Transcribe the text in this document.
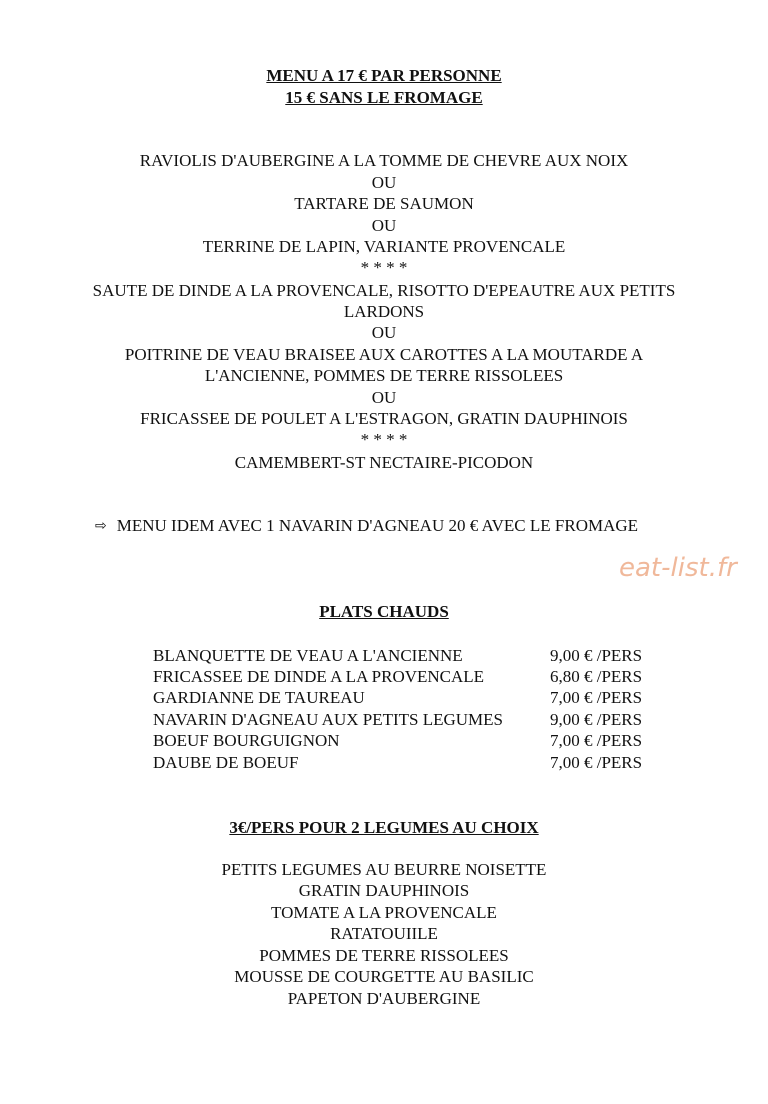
MENU A 17 € PAR PERSONNE
15 € SANS LE FROMAGE
RAVIOLIS D'AUBERGINE A LA TOMME DE CHEVRE AUX NOIX
OU
TARTARE DE SAUMON
OU
TERRINE DE LAPIN, VARIANTE PROVENCALE
* * * *
SAUTE DE DINDE A LA PROVENCALE, RISOTTO D'EPEAUTRE AUX PETITS
LARDONS
OU
POITRINE DE VEAU BRAISEE AUX CAROTTES A LA MOUTARDE A
L'ANCIENNE, POMMES DE TERRE RISSOLEES
OU
FRICASSEE DE POULET A L'ESTRAGON, GRATIN DAUPHINOIS
* * * *
CAMEMBERT-ST NECTAIRE-PICODON
⇨ MENU IDEM AVEC 1 NAVARIN D'AGNEAU 20 € AVEC LE FROMAGE
eat-list.fr
PLATS CHAUDS
BLANQUETTE DE VEAU A L'ANCIENNE	9,00 € /PERS
FRICASSEE DE DINDE A LA PROVENCALE	6,80 € /PERS
GARDIANNE DE TAUREAU	7,00 € /PERS
NAVARIN D'AGNEAU AUX PETITS LEGUMES	9,00 € /PERS
BOEUF BOURGUIGNON	7,00 € /PERS
DAUBE DE BOEUF	7,00 € /PERS
3€/PERS POUR 2 LEGUMES AU CHOIX
PETITS LEGUMES AU BEURRE NOISETTE
GRATIN DAUPHINOIS
TOMATE A LA PROVENCALE
RATATOUIILE
POMMES DE TERRE RISSOLEES
MOUSSE DE COURGETTE AU BASILIC
PAPETON D'AUBERGINE
